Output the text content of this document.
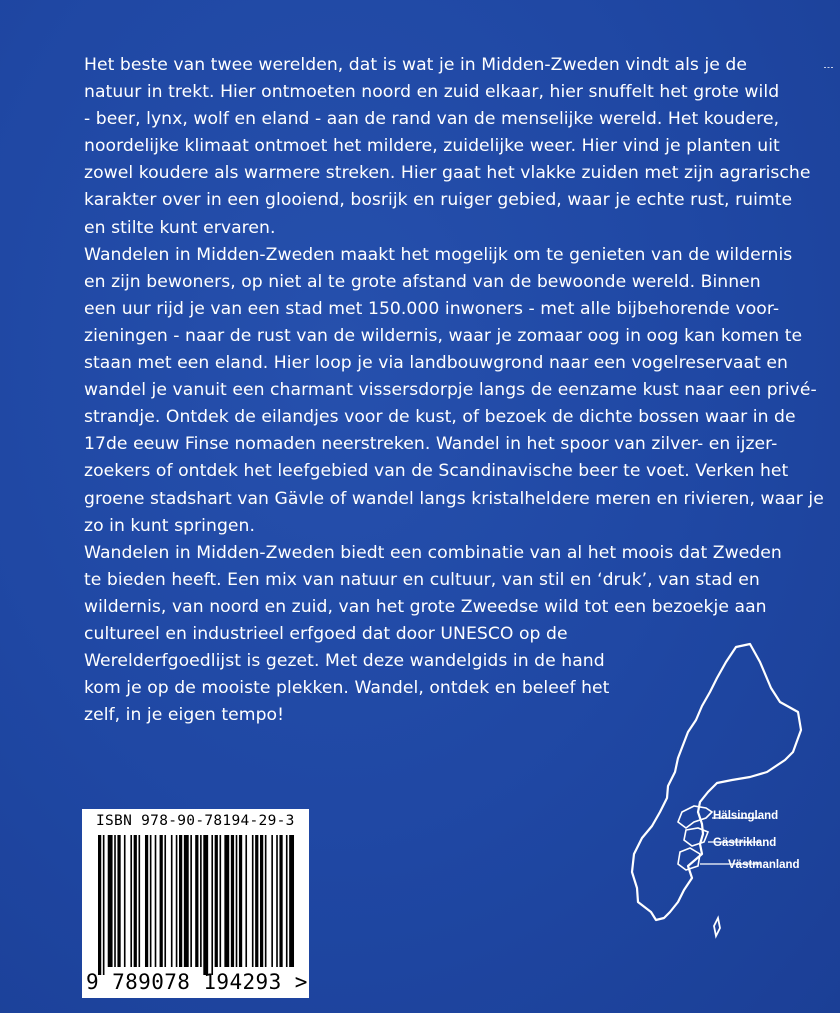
Het beste van twee werelden, dat is wat je in Midden-Zweden vindt als je de
natuur in trekt. Hier ontmoeten noord en zuid elkaar, hier snuffelt het grote wild
- beer, lynx, wolf en eland - aan de rand van de menselijke wereld. Het koudere,
noordelijke klimaat ontmoet het mildere, zuidelijke weer. Hier vind je planten uit
zowel koudere als warmere streken. Hier gaat het vlakke zuiden met zijn agrarische
karakter over in een glooiend, bosrijk en ruiger gebied, waar je echte rust, ruimte
en stilte kunt ervaren.
Wandelen in Midden-Zweden maakt het mogelijk om te genieten van de wildernis
en zijn bewoners, op niet al te grote afstand van de bewoonde wereld. Binnen
een uur rijd je van een stad met 150.000 inwoners - met alle bijbehorende voor-
zieningen - naar de rust van de wildernis, waar je zomaar oog in oog kan komen te
staan met een eland. Hier loop je via landbouwgrond naar een vogelreservaat en
wandel je vanuit een charmant vissersdorpje langs de eenzame kust naar een privé-
strandje. Ontdek de eilandjes voor de kust, of bezoek de dichte bossen waar in de
17de eeuw Finse nomaden neerstreken. Wandel in het spoor van zilver- en ijzer-
zoekers of ontdek het leefgebied van de Scandinavische beer te voet. Verken het
groene stadshart van Gävle of wandel langs kristalheldere meren en rivieren, waar je
zo in kunt springen.
Wandelen in Midden-Zweden biedt een combinatie van al het moois dat Zweden
te bieden heeft. Een mix van natuur en cultuur, van stil en ‘druk’, van stad en
wildernis, van noord en zuid, van het grote Zweedse wild tot een bezoekje aan
cultureel en industrieel erfgoed dat door UNESCO op de
Werelderfgoedlijst is gezet. Met deze wandelgids in de hand
kom je op de mooiste plekken. Wandel, ontdek en beleef het
zelf, in je eigen tempo!
ISBN 978-90-78194-29-3
9 789078 194293 >
Hälsingland
Gästrikland
Västmanland
